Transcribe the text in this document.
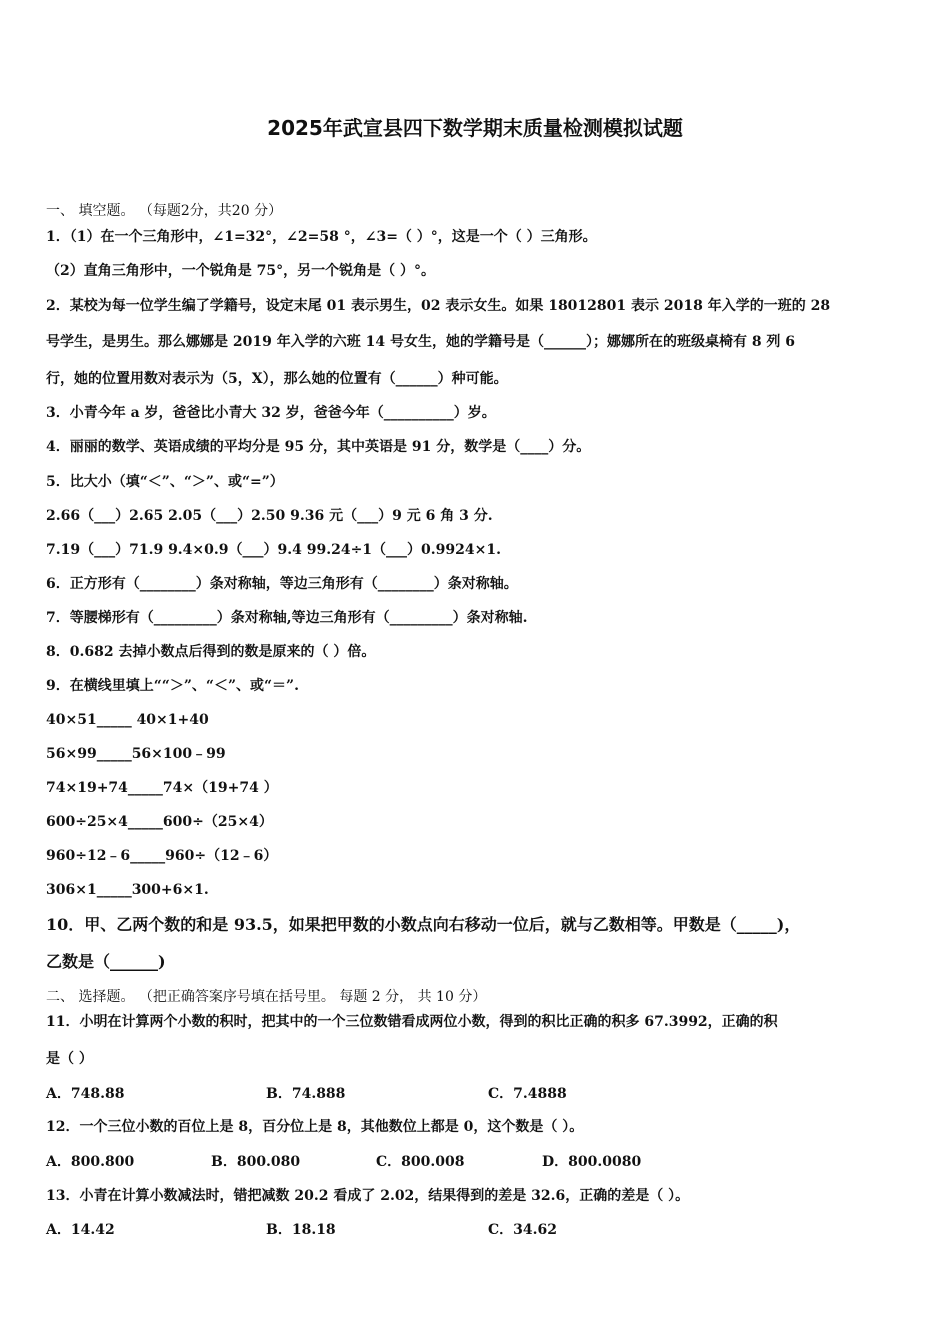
2025年武宣县四下数学期末质量检测模拟试题
一、 填空题。 （每题2分，共20 分）
1．（1）在一个三角形中，∠1=32°，∠2=58 °，∠3=（ ）°，这是一个（ ）三角形。
（2）直角三角形中，一个锐角是 75°，另一个锐角是（ ）°。
2．某校为每一位学生编了学籍号，设定末尾 01 表示男生，02 表示女生。如果 18012801 表示 2018 年入学的一班的 28
号学生，是男生。那么娜娜是 2019 年入学的六班 14 号女生，她的学籍号是（______）；娜娜所在的班级桌椅有 8 列 6
行，她的位置用数对表示为（5，X），那么她的位置有（______）种可能。
3．小青今年 a 岁，爸爸比小青大 32 岁，爸爸今年（__________）岁。
4．丽丽的数学、英语成绩的平均分是 95 分，其中英语是 91 分，数学是（____）分。
5．比大小（填“＜”、“＞”、或“=”）
2.66（___）2.65 2.05（___）2.50 9.36 元（___）9 元 6 角 3 分.
7.19（___）71.9 9.4×0.9（___）9.4 99.24÷1（___）0.9924×1.
6．正方形有（________）条对称轴，等边三角形有（________）条对称轴。
7．等腰梯形有（_________）条对称轴,等边三角形有（_________）条对称轴.
8．0.682 去掉小数点后得到的数是原来的（ ）倍。
9．在横线里填上““＞”、“＜”、或“＝”.
40×51_____ 40×1+40
56×99_____56×100﹣99
74×19+74_____74×（19+74 ）
600÷25×4_____600÷（25×4）
960÷12﹣6_____960÷（12﹣6）
306×1_____300+6×1.
10．甲、乙两个数的和是 93.5，如果把甲数的小数点向右移动一位后，就与乙数相等。甲数是（_____)，
乙数是（______)
二、 选择题。 （把正确答案序号填在括号里。 每题 2 分， 共 10 分）
11．小明在计算两个小数的积时，把其中的一个三位数错看成两位小数，得到的积比正确的积多 67.3992，正确的积
是（ ）
A．748.88	B．74.888	C．7.4888
12．一个三位小数的百位上是 8，百分位上是 8，其他数位上都是 0，这个数是（ ）。
A．800.800	B．800.080	C．800.008	D．800.0080
13．小青在计算小数减法时，错把减数 20.2 看成了 2.02，结果得到的差是 32.6，正确的差是（ ）。
A．14.42	B．18.18	C．34.62
